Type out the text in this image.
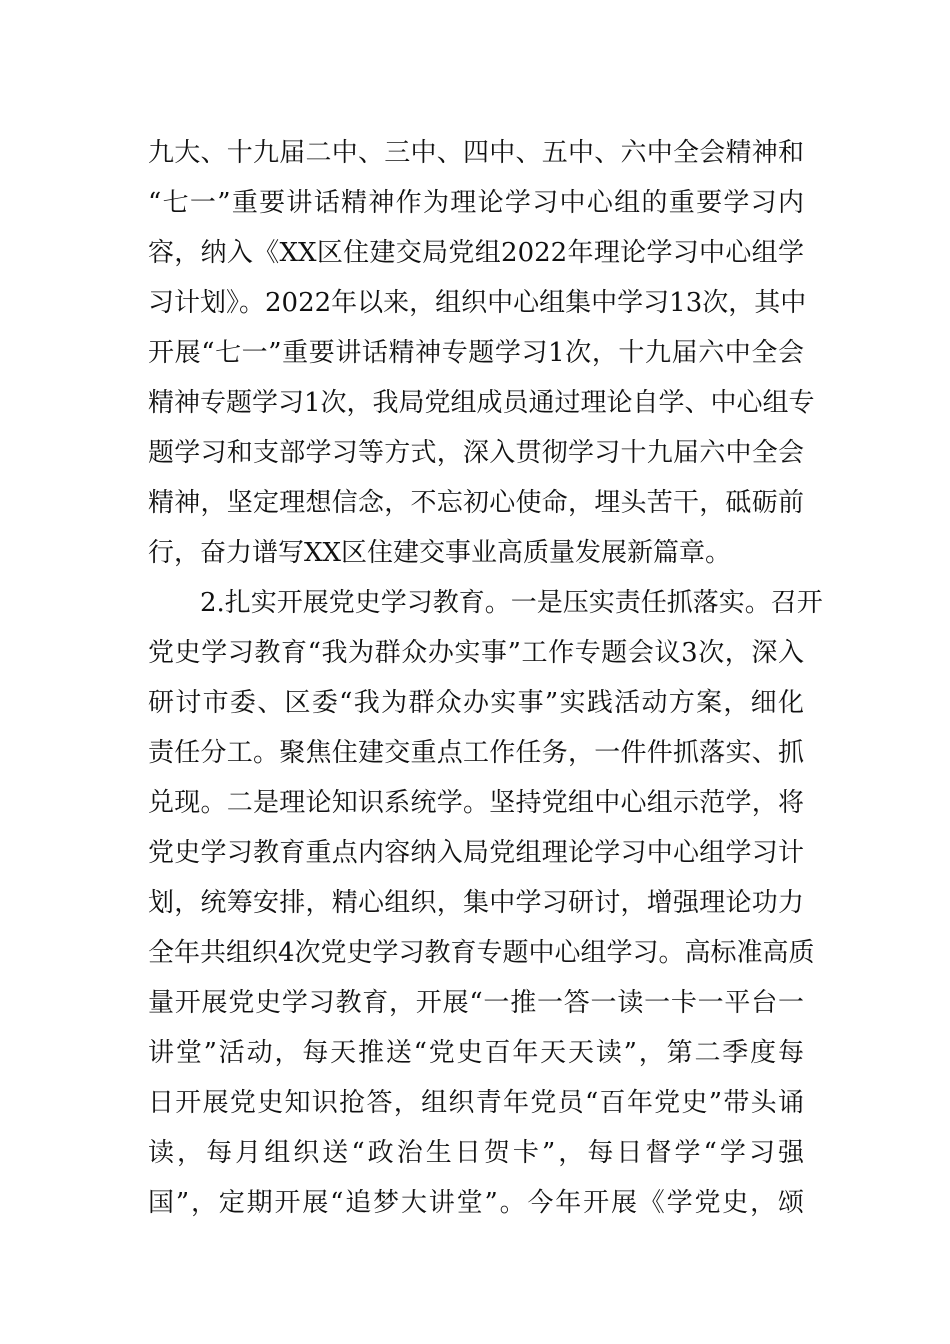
九大、十九届二中、三中、四中、五中、六中全会精神和
“七一”重要讲话精神作为理论学习中心组的重要学习内
容，纳入《XX区住建交局党组2022年理论学习中心组学
习计划》。2022年以来，组织中心组集中学习13次，其中
开展“七一”重要讲话精神专题学习1次，十九届六中全会
精神专题学习1次，我局党组成员通过理论自学、中心组专
题学习和支部学习等方式，深入贯彻学习十九届六中全会
精神，坚定理想信念，不忘初心使命，埋头苦干，砥砺前
行，奋力谱写XX区住建交事业高质量发展新篇章。
2.扎实开展党史学习教育。一是压实责任抓落实。召开
党史学习教育“我为群众办实事”工作专题会议3次，深入
研讨市委、区委“我为群众办实事”实践活动方案，细化
责任分工。聚焦住建交重点工作任务，一件件抓落实、抓
兑现。二是理论知识系统学。坚持党组中心组示范学，将
党史学习教育重点内容纳入局党组理论学习中心组学习计
划，统筹安排，精心组织，集中学习研讨，增强理论功力
全年共组织4次党史学习教育专题中心组学习。高标准高质
量开展党史学习教育，开展“一推一答一读一卡一平台一
讲堂”活动，每天推送“党史百年天天读”，第二季度每
日开展党史知识抢答，组织青年党员“百年党史”带头诵
读，每月组织送“政治生日贺卡”，每日督学“学习强
国”，定期开展“追梦大讲堂”。今年开展《学党史，颂
